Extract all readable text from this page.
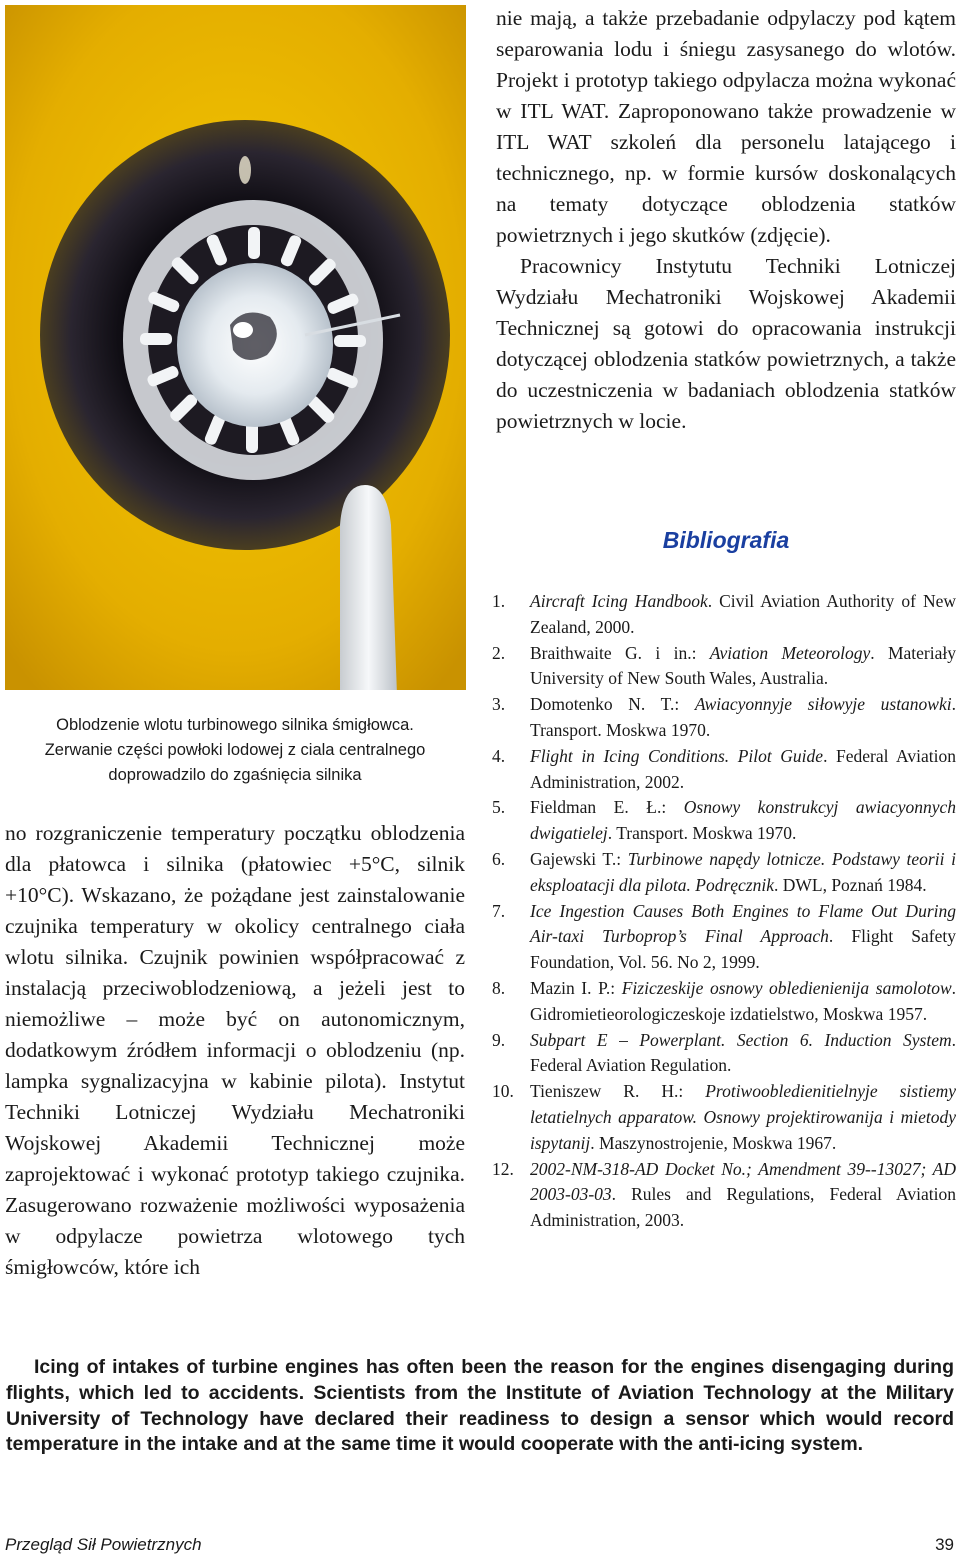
Oblodzenie wlotu turbinowego silnika śmigłowca.
Zerwanie części powłoki lodowej z ciala centralnego
doprowadzilo do zgaśnięcia silnika

no rozgraniczenie temperatury początku oblodzenia dla płatowca i silnika (płatowiec +5°C, silnik +10°C). Wskazano, że pożądane jest zainstalowanie czujnika temperatury w okolicy centralnego ciała wlotu silnika. Czujnik powinien współpracować z instalacją przeciwoblodzeniową, a jeżeli jest to niemożliwe – może być on autonomicznym, dodatkowym źródłem informacji o oblodzeniu (np. lampka sygnalizacyjna w kabinie pilota). Instytut Techniki Lotniczej Wydziału Mechatroniki Wojskowej Akademii Technicznej może zaprojektować i wykonać prototyp takiego czujnika. Zasugerowano rozważenie możliwości wyposażenia w odpylacze powietrza wlotowego tych śmigłowców, które ich

nie mają, a także przebadanie odpylaczy pod kątem separowania lodu i śniegu zasysanego do wlotów. Projekt i prototyp takiego odpylacza można wykonać w ITL WAT. Zaproponowano także prowadzenie w ITL WAT szkoleń dla personelu latającego i technicznego, np. w formie kursów doskonalących na tematy dotyczące oblodzenia statków powietrznych i jego skutków (zdjęcie).

Pracownicy Instytutu Techniki Lotniczej Wydziału Mechatroniki Wojskowej Akademii Technicznej są gotowi do opracowania instrukcji dotyczącej oblodzenia statków powietrznych, a także do uczestniczenia w badaniach oblodzenia statków powietrznych w locie.

Bibliografia
1.	Aircraft Icing Handbook. Civil Aviation Authority of New Zealand, 2000.
2.	Braithwaite G. i in.: Aviation Meteorology. Materiały University of New South Wales, Australia.
3.	Domotenko N. T.: Awiacyonnyje siłowyje ustanowki. Transport. Moskwa 1970.
4.	Flight in Icing Conditions. Pilot Guide. Federal Aviation Administration, 2002.
5.	Fieldman E. Ł.: Osnowy konstrukcyj awiacyonnych dwigatielej. Transport. Moskwa 1970.
6.	Gajewski T.: Turbinowe napędy lotnicze. Podstawy teorii i eksploatacji dla pilota. Podręcznik. DWL, Poznań 1984.
7.	Ice Ingestion Causes Both Engines to Flame Out During Air-taxi Turboprop’s Final Approach. Flight Safety Foundation, Vol. 56. No 2, 1999.
8.	Mazin I. P.: Fiziczeskije osnowy obledienienija samolotow. Gidromietieorologiczeskoje izdatielstwo, Moskwa 1957.
9.	Subpart E – Powerplant. Section 6. Induction System. Federal Aviation Regulation.
10. Tieniszew R. H.: Protiwoobledienitielnyje sistiemy letatielnych apparatow. Osnowy projektirowanija i mietody ispytanij. Maszynostrojenie, Moskwa 1967.
12. 2002-NM-318-AD Docket No.; Amendment 39--13027; AD 2003-03-03. Rules and Regulations, Federal Aviation Administration, 2003.

Icing of intakes of turbine engines has often been the reason for the engines disengaging during flights, which led to accidents. Scientists from the Institute of Aviation Technology at the Military University of Technology have declared their readiness to design a sensor which would record temperature in the intake and at the same time it would cooperate with the anti-icing system.

Przegląd Sił Powietrznych	39
